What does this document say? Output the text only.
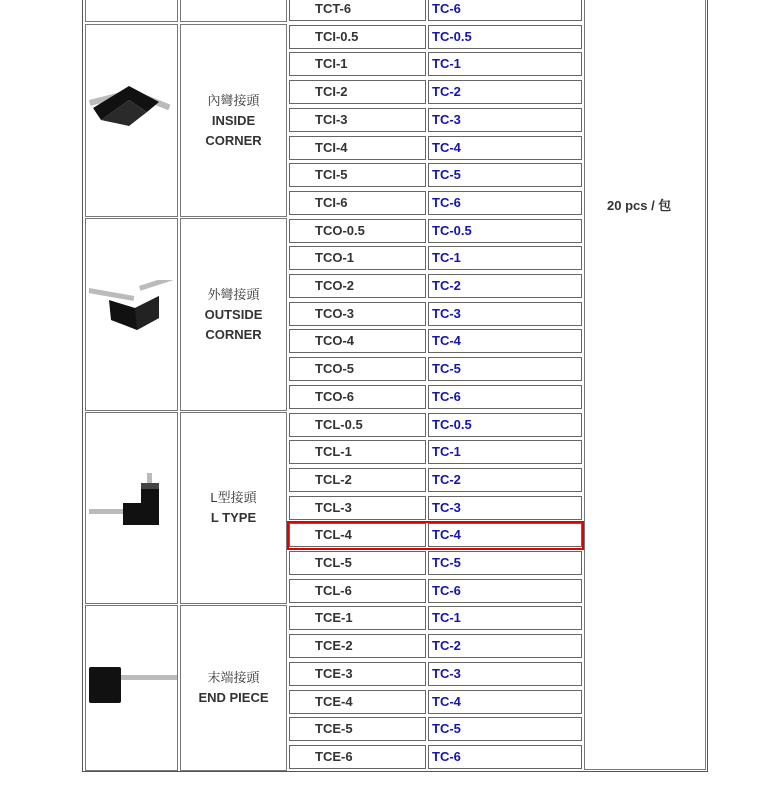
TCT-6	TC-6
20 pcs / 包
內彎接頭
INSIDE
CORNER
TCI-0.5	TC-0.5
TCI-1	TC-1
TCI-2	TC-2
TCI-3	TC-3
TCI-4	TC-4
TCI-5	TC-5
TCI-6	TC-6
外彎接頭
OUTSIDE
CORNER
TCO-0.5	TC-0.5
TCO-1	TC-1
TCO-2	TC-2
TCO-3	TC-3
TCO-4	TC-4
TCO-5	TC-5
TCO-6	TC-6
L型接頭
L TYPE
TCL-0.5	TC-0.5
TCL-1	TC-1
TCL-2	TC-2
TCL-3	TC-3
TCL-4	TC-4
TCL-5	TC-5
TCL-6	TC-6
末端接頭
END PIECE
TCE-1	TC-1
TCE-2	TC-2
TCE-3	TC-3
TCE-4	TC-4
TCE-5	TC-5
TCE-6	TC-6
